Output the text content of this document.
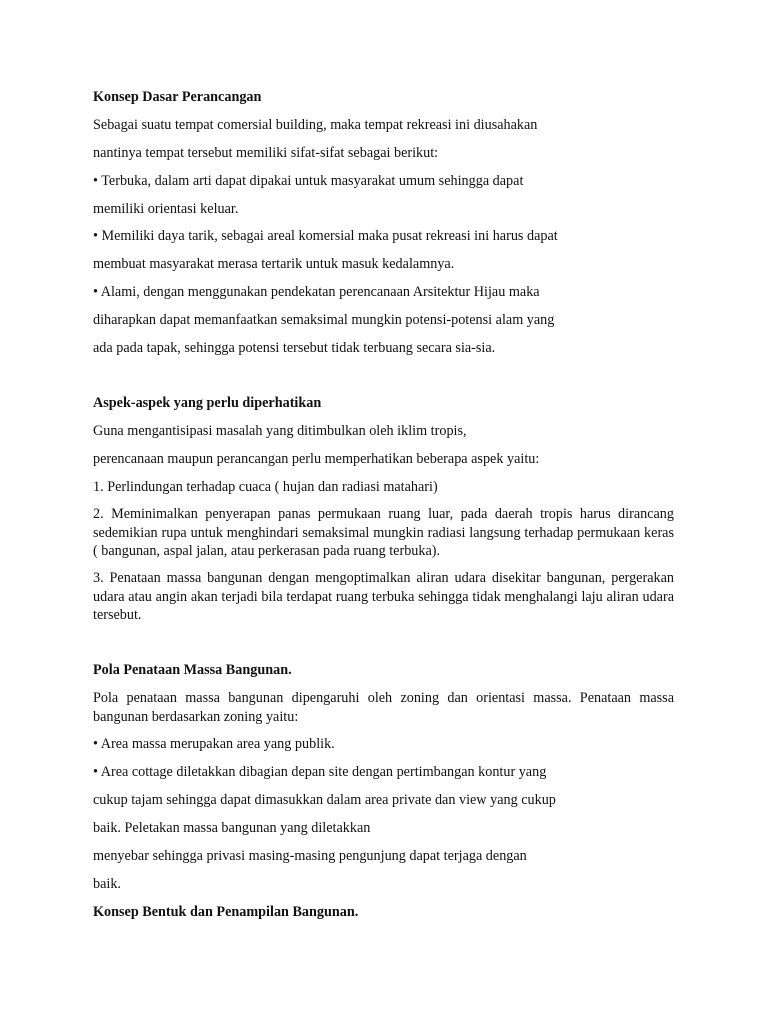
Konsep Dasar Perancangan
Sebagai suatu tempat comersial building, maka tempat rekreasi ini diusahakan
nantinya tempat tersebut memiliki sifat-sifat sebagai berikut:
• Terbuka, dalam arti dapat dipakai untuk masyarakat umum sehingga dapat
memiliki orientasi keluar.
• Memiliki daya tarik, sebagai areal komersial maka pusat rekreasi ini harus dapat
membuat masyarakat merasa tertarik untuk masuk kedalamnya.
• Alami, dengan menggunakan pendekatan perencanaan Arsitektur Hijau maka
diharapkan dapat memanfaatkan semaksimal mungkin potensi-potensi alam yang
ada pada tapak, sehingga potensi tersebut tidak terbuang secara sia-sia.
Aspek-aspek yang perlu diperhatikan
Guna mengantisipasi masalah yang ditimbulkan oleh iklim tropis,
perencanaan maupun perancangan perlu memperhatikan beberapa aspek yaitu:
1. Perlindungan terhadap cuaca ( hujan dan radiasi matahari)
2. Meminimalkan penyerapan panas permukaan ruang luar, pada daerah tropis harus dirancang sedemikian rupa untuk menghindari semaksimal mungkin radiasi langsung terhadap permukaan keras ( bangunan, aspal jalan, atau perkerasan pada ruang terbuka).
3. Penataan massa bangunan dengan mengoptimalkan aliran udara disekitar bangunan, pergerakan udara atau angin akan terjadi bila terdapat ruang terbuka sehingga tidak menghalangi laju aliran udara tersebut.
Pola Penataan Massa Bangunan.
Pola penataan massa bangunan dipengaruhi oleh zoning dan orientasi massa. Penataan massa bangunan berdasarkan zoning yaitu:
• Area massa merupakan area yang publik.
• Area cottage diletakkan dibagian depan site dengan pertimbangan kontur yang
cukup tajam sehingga dapat dimasukkan dalam area private dan view yang cukup
baik. Peletakan massa bangunan yang diletakkan
menyebar sehingga privasi masing-masing pengunjung dapat terjaga dengan
baik.
Konsep Bentuk dan Penampilan Bangunan.
